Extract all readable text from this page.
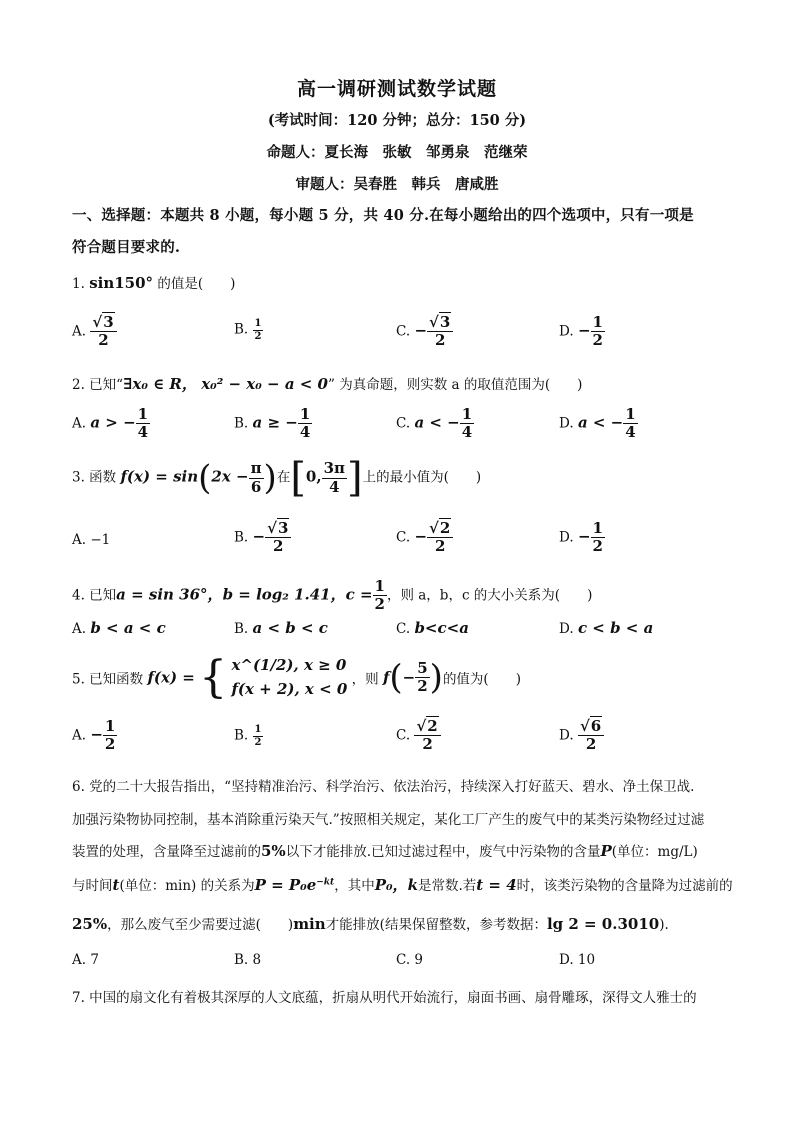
高一调研测试数学试题
(考试时间：120 分钟；总分：150 分)
命题人：夏长海　张敏　邹勇泉　范继荣
审题人：吴春胜　韩兵　唐咸胜
一、选择题：本题共 8 小题，每小题 5 分，共 40 分.在每小题给出的四个选项中，只有一项是
符合题目要求的.
1. sin150° 的值是(　　)
A. $\frac{√3}{2}$	B. $\frac{1}{2}$	C. − $\frac{√3}{2}$	D. − $\frac{1}{2}$
2. 已知“∃x₀ ∈ R， x₀² − x₀ − a < 0” 为真命题，则实数 a 的取值范围为(　　)
A. a > − $\frac{1}{4}$	B. a ≥ − $\frac{1}{4}$	C. a < − $\frac{1}{4}$	D. a < − $\frac{1}{4}$
3. 函数 $f(x) = \sin(2x - \frac{\pi}{6}$ )在[0, $\frac{3\pi}{4}$ ]上的最小值为(　　)
A. −1	B. − $\frac{√3}{2}$	C. − $\frac{√2}{2}$	D. − $\frac{1}{2}$
4. 已知a = sin 36°，b = log₂ 1.41，$c = \frac{1}{2}$ ，则 a，b，c 的大小关系为(　　)
A. b < a < c	B. a < b < c	C. b<c<a	D. c < b < a
5. 已知函数 f(x) = { x^(1/2), x ≥ 0
f(x + 2), x < 0 ，则 $f(- \frac{5}{2}$ )的值为(　　)
A. − $\frac{1}{2}$	B. $\frac{1}{2}$	C. $\frac{√2}{2}$	D. $\frac{√6}{2}$
6. 党的二十大报告指出，“坚持精准治污、科学治污、依法治污，持续深入打好蓝天、碧水、净土保卫战.
加强污染物协同控制，基本消除重污染天气.”按照相关规定，某化工厂产生的废气中的某类污染物经过过滤
装置的处理，含量降至过滤前的5%以下才能排放.已知过滤过程中，废气中污染物的含量P(单位：mg/L)
与时间t(单位：min) 的关系为$P = P_0e^{-kt}$，其中P₀，k是常数.若t = 4时，该类污染物的含量降为过滤前的
25%，那么废气至少需要过滤(　　)min才能排放(结果保留整数，参考数据：lg 2 = 0.3010).
A. 7	B. 8	C. 9	D. 10
7. 中国的扇文化有着极其深厚的人文底蕴，折扇从明代开始流行，扇面书画、扇骨雕琢，深得文人雅士的
